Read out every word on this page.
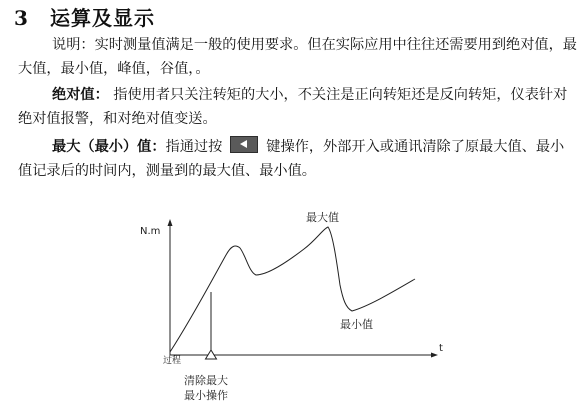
3 运算及显示
说明：实时测量值满足一般的使用要求。但在实际应用中往往还需要用到绝对值，最大值，最小值，峰值，谷值，。
绝对值： 指使用者只关注转矩的大小，不关注是正向转矩还是反向转矩，仪表针对绝对值报警，和对绝对值变送。
最大（最小）值：指通过按	键操作，外部开入或通讯清除了原最大值、最小值记录后的时间内，测量到的最大值、最小值。
N.m
t
过程
最大值
最小值
清除最大
最小操作
